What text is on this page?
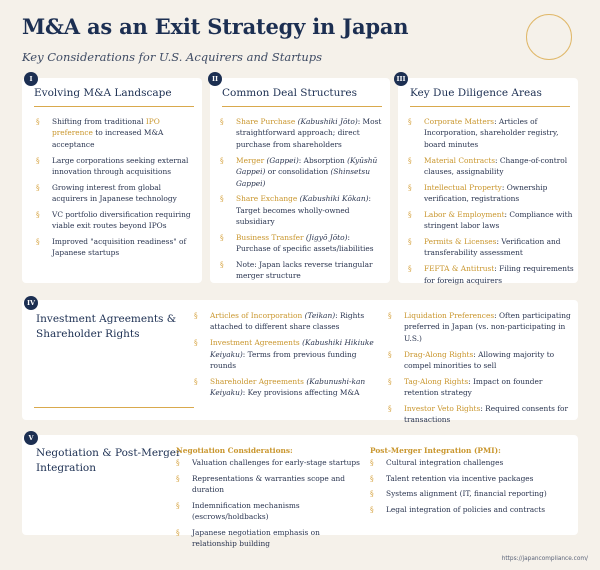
M&A as an Exit Strategy in Japan
Key Considerations for U.S. Acquirers and Startups
I
Evolving M&A Landscape
§ Shifting from traditional IPO preference to increased M&A acceptance
§ Large corporations seeking external innovation through acquisitions
§ Growing interest from global acquirers in Japanese technology
§ VC portfolio diversification requiring viable exit routes beyond IPOs
§ Improved "acquisition readiness" of Japanese startups
II
Common Deal Structures
§ Share Purchase (Kabushiki Jōto): Most straightforward approach; direct purchase from shareholders
§ Merger (Gappei): Absorption (Kyūshū Gappei) or consolidation (Shinsetsu Gappei)
§ Share Exchange (Kabushiki Kōkan): Target becomes wholly-owned subsidiary
§ Business Transfer (Jigyō Jōto): Purchase of specific assets/liabilities
§ Note: Japan lacks reverse triangular merger structure
III
Key Due Diligence Areas
§ Corporate Matters: Articles of Incorporation, shareholder registry, board minutes
§ Material Contracts: Change-of-control clauses, assignability
§ Intellectual Property: Ownership verification, registrations
§ Labor & Employment: Compliance with stringent labor laws
§ Permits & Licenses: Verification and transferability assessment
§ FEFTA & Antitrust: Filing requirements for foreign acquirers
IV
Investment Agreements &
Shareholder Rights
§ Articles of Incorporation (Teikan): Rights attached to different share classes
§ Investment Agreements (Kabushiki Hikiuke Keiyaku): Terms from previous funding rounds
§ Shareholder Agreements (Kabunushi-kan Keiyaku): Key provisions affecting M&A
§ Liquidation Preferences: Often participating preferred in Japan (vs. non-participating in U.S.)
§ Drag-Along Rights: Allowing majority to compel minorities to sell
§ Tag-Along Rights: Impact on founder retention strategy
§ Investor Veto Rights: Required consents for transactions
V
Negotiation & Post-Merger
Integration
Negotiation Considerations:
§ Valuation challenges for early-stage startups
§ Representations & warranties scope and duration
§ Indemnification mechanisms (escrows/holdbacks)
§ Japanese negotiation emphasis on relationship building
Post-Merger Integration (PMI):
§ Cultural integration challenges
§ Talent retention via incentive packages
§ Systems alignment (IT, financial reporting)
§ Legal integration of policies and contracts
https://japancompliance.com/
